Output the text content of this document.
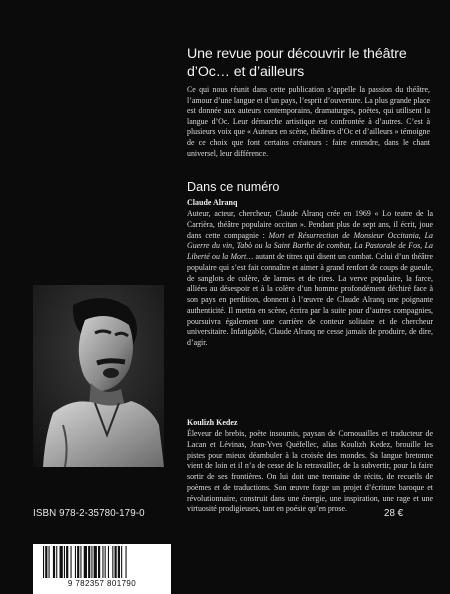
Une revue pour découvrir le théâtre
d’Oc… et d’ailleurs
Ce qui nous réunit dans cette publication s’appelle la passion du théâtre, l’amour d’une langue et d’un pays, l’esprit d’ouverture. La plus grande place est donnée aux auteurs contemporains, dramaturges, poètes, qui utilisent la langue d’Oc. Leur démarche artistique est confrontée à d’autres. C’est à plusieurs voix que « Auteurs en scène, théâtres d’Oc et d’ailleurs » témoigne de ce choix que font certains créateurs : faire entendre, dans le chant universel, leur différence.
Dans ce numéro
Claude Alranq
Auteur, acteur, chercheur, Claude Alranq crée en 1969 « Lo teatre de la Carrièra, théâtre populaire occitan ». Pendant plus de sept ans, il écrit, joue dans cette compagnie : Mort et Résurrection de Monsieur Occitania, La Guerre du vin, Tabò ou la Saint Barthe de combat, La Pastorale de Fos, La Liberté ou la Mort… autant de titres qui disent un combat. Celui d’un théâtre populaire qui s’est fait connaître et aimer à grand renfort de coups de gueule, de sanglots de colère, de larmes et de rires. La verve populaire, la farce, alliées au désespoir et à la colère d’un homme profondément déchiré face à son pays en perdition, donnent à l’œuvre de Claude Alranq une poignante authenticité. Il mettra en scène, écrira par la suite pour d’autres compagnies, poursuivra également une carrière de conteur solitaire et de chercheur universitaire. Infatigable, Claude Alranq ne cesse jamais de produire, de dire, d’agir.
Koulizh Kedez
Éleveur de brebis, poète insoumis, paysan de Cornouailles et traducteur de Lacan et Lévinas, Jean-Yves Quéfellec, alias Koulizh Kedez, brouille les pistes pour mieux déambuler à la croisée des mondes. Sa langue bretonne vient de loin et il n’a de cesse de la retravailler, de la subvertir, pour la faire sortir de ses frontières. On lui doit une trentaine de récits, de recueils de poèmes et de traductions. Son œuvre forge un projet d’écriture baroque et révolutionnaire, construit dans une énergie, une inspiration, une rage et une virtuosité prodigieuses, tant en poésie qu’en prose.
ISBN 978-2-35780-179-0	28 €
9 782357 801790
